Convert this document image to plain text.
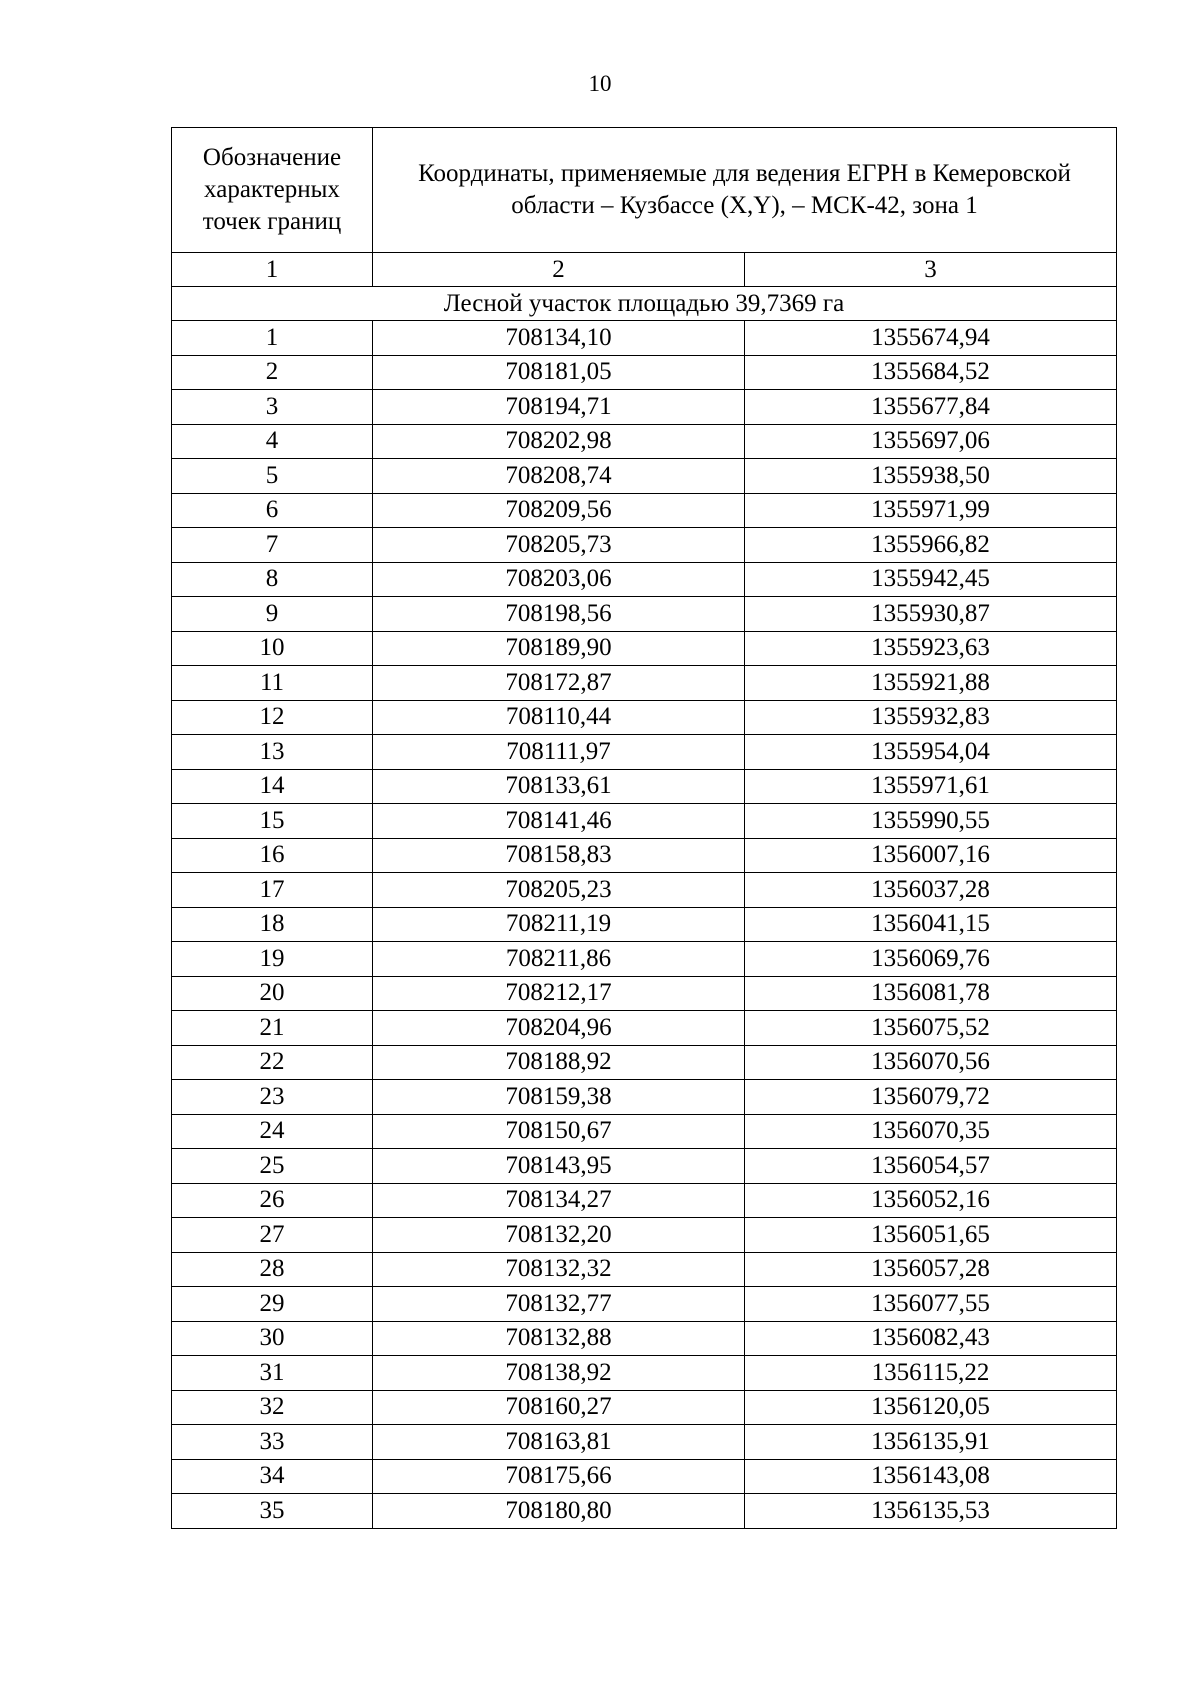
10
Обозначение характерных точек границ	Координаты, применяемые для ведения ЕГРН в Кемеровской области – Кузбассе (X,Y), – МСК-42, зона 1	
1	2	3
Лесной участок площадью 39,7369 га		
1	708134,10	1355674,94
2	708181,05	1355684,52
3	708194,71	1355677,84
4	708202,98	1355697,06
5	708208,74	1355938,50
6	708209,56	1355971,99
7	708205,73	1355966,82
8	708203,06	1355942,45
9	708198,56	1355930,87
10	708189,90	1355923,63
11	708172,87	1355921,88
12	708110,44	1355932,83
13	708111,97	1355954,04
14	708133,61	1355971,61
15	708141,46	1355990,55
16	708158,83	1356007,16
17	708205,23	1356037,28
18	708211,19	1356041,15
19	708211,86	1356069,76
20	708212,17	1356081,78
21	708204,96	1356075,52
22	708188,92	1356070,56
23	708159,38	1356079,72
24	708150,67	1356070,35
25	708143,95	1356054,57
26	708134,27	1356052,16
27	708132,20	1356051,65
28	708132,32	1356057,28
29	708132,77	1356077,55
30	708132,88	1356082,43
31	708138,92	1356115,22
32	708160,27	1356120,05
33	708163,81	1356135,91
34	708175,66	1356143,08
35	708180,80	1356135,53
